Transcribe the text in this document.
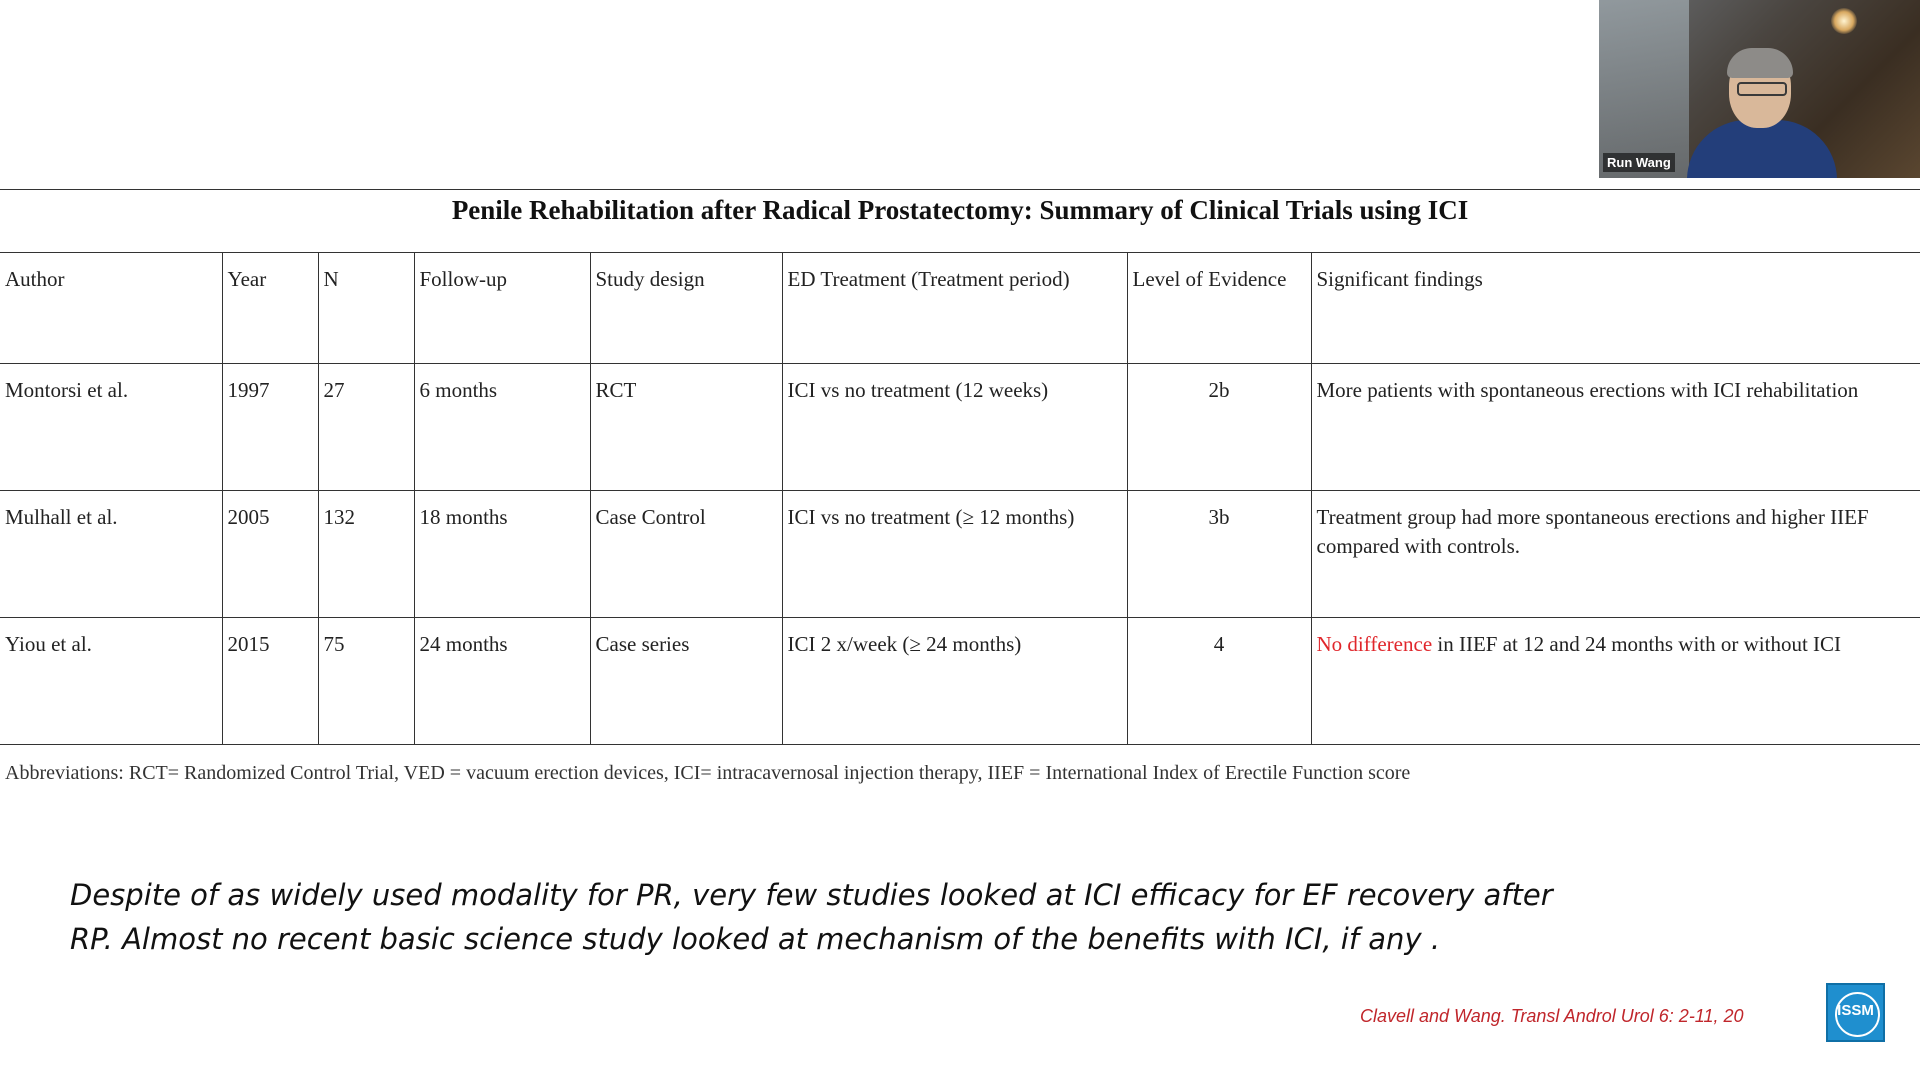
Run Wang
Penile Rehabilitation after Radical Prostatectomy: Summary of Clinical Trials using ICI							

Author	Year	N	Follow-up	Study design	ED Treatment (Treatment period)	Level of Evidence	Significant findings
Montorsi et al.	1997	27	6 months	RCT	ICI vs no treatment (12 weeks)	2b	More patients with spontaneous erections with ICI rehabilitation
Mulhall et al.	2005	132	18 months	Case Control	ICI vs no treatment (≥ 12 months)	3b	Treatment group had more spontaneous erections and higher IIEF compared with controls.
Yiou et al.	2015	75	24 months	Case series	ICI 2 x/week (≥ 24 months)	4	No difference in IIEF at 12 and 24 months with or without ICI
Abbreviations: RCT= Randomized Control Trial, VED = vacuum erection devices, ICI= intracavernosal injection therapy, IIEF = International Index of Erectile Function score
Despite of as widely used modality for PR, very few studies looked at ICI efficacy for EF recovery after RP. Almost no recent basic science study looked at mechanism of the benefits with ICI, if any .
Clavell and Wang. Transl Androl Urol 6: 2-11, 20	ISSM
